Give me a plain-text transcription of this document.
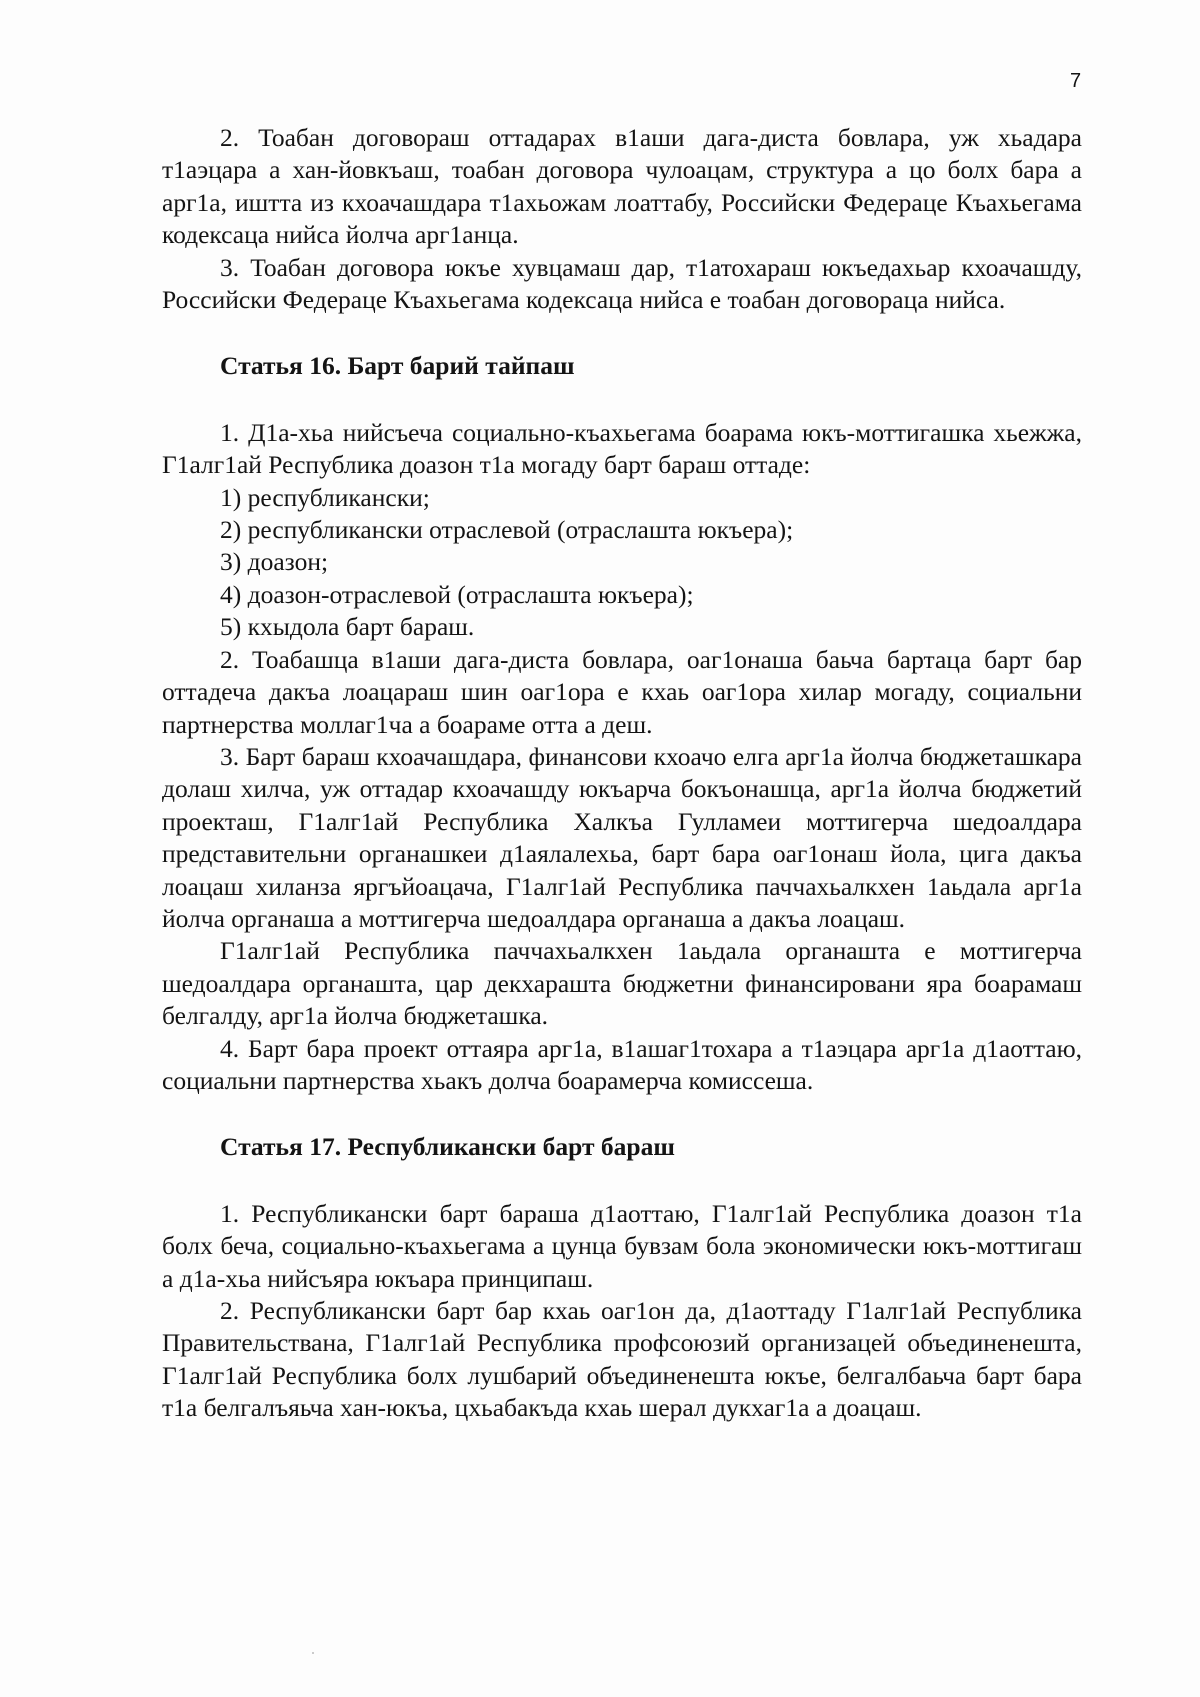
7

2. Тоабан договораш оттадарах в1аши дага-диста бовлара, уж хьадара т1аэцара а хан-йовкъаш, тоабан договора чулоацам, структура а цо болх бара а арг1а, иштта из кхоачашдара т1ахьожам лоаттабу, Российски Федераце Къахьегама кодексаца нийса йолча арг1анца.

3. Тоабан договора юкъе хувцамаш дар, т1атохараш юкъедахьар кхоачашду, Российски Федераце Къахьегама кодексаца нийса е тоабан договораца нийса.

Статья 16. Барт барий тайпаш

1. Д1а-хьа нийсъеча социально-къахьегама боарама юкъ-моттигашка хьежжа, Г1алг1ай Республика доазон т1а могаду барт бараш оттаде:

1) республикански;

2) республикански отраслевой (отраслашта юкъера);

3) доазон;

4) доазон-отраслевой (отраслашта юкъера);

5) кхыдола барт бараш.

2. Тоабашца в1аши дага-диста бовлара, оаг1онаша баьча бартаца барт бар оттадеча дакъа лоацараш шин оаг1ора е кхаь оаг1ора хилар могаду, социальни партнерства моллаг1ча а боараме отта а деш.

3. Барт бараш кхоачашдара, финансови кхоачо елга арг1а йолча бюджеташкара долаш хилча, уж оттадар кхоачашду юкъарча бокъонашца, арг1а йолча бюджетий проекташ, Г1алг1ай Республика Халкъа Гулламеи моттигерча шедоалдара представительни органашкеи д1аялалехьа, барт бара оаг1онаш йола, цига дакъа лоацаш хиланза яргъйоацача, Г1алг1ай Республика паччахьалкхен 1аьдала арг1а йолча органаша а моттигерча шедоалдара органаша а дакъа лоацаш.

Г1алг1ай Республика паччахьалкхен 1аьдала органашта е моттигерча шедоалдара органашта, цар декхараштa бюджетни финансировани яра боарамаш белгалду, арг1а йолча бюджеташка.

4. Барт бара проект оттаяра арг1а, в1ашаг1тохара а т1аэцара арг1а д1аоттаю, социальни партнерства хьакъ долча боарамерча комиссеша.

Статья 17. Республикански барт бараш

1. Республикански барт бараша д1аоттаю, Г1алг1ай Республика доазон т1а болх беча, социально-къахьегама а цунца бувзам бола экономически юкъ-моттигаш а д1а-хьа нийсъяра юкъара принципаш.

2. Республикански барт бар кхаь оаг1он да, д1аоттаду Г1алг1ай Республика Правительствана, Г1алг1ай Республика профсоюзий организацей объединенешта, Г1алг1ай Республика болх лушбарий объединенешта юкъе, белгалбаьча барт бара т1а белгалъяьча хан-юкъа, цхьабакъда кхаь шерал дукхаг1а а доацаш.
